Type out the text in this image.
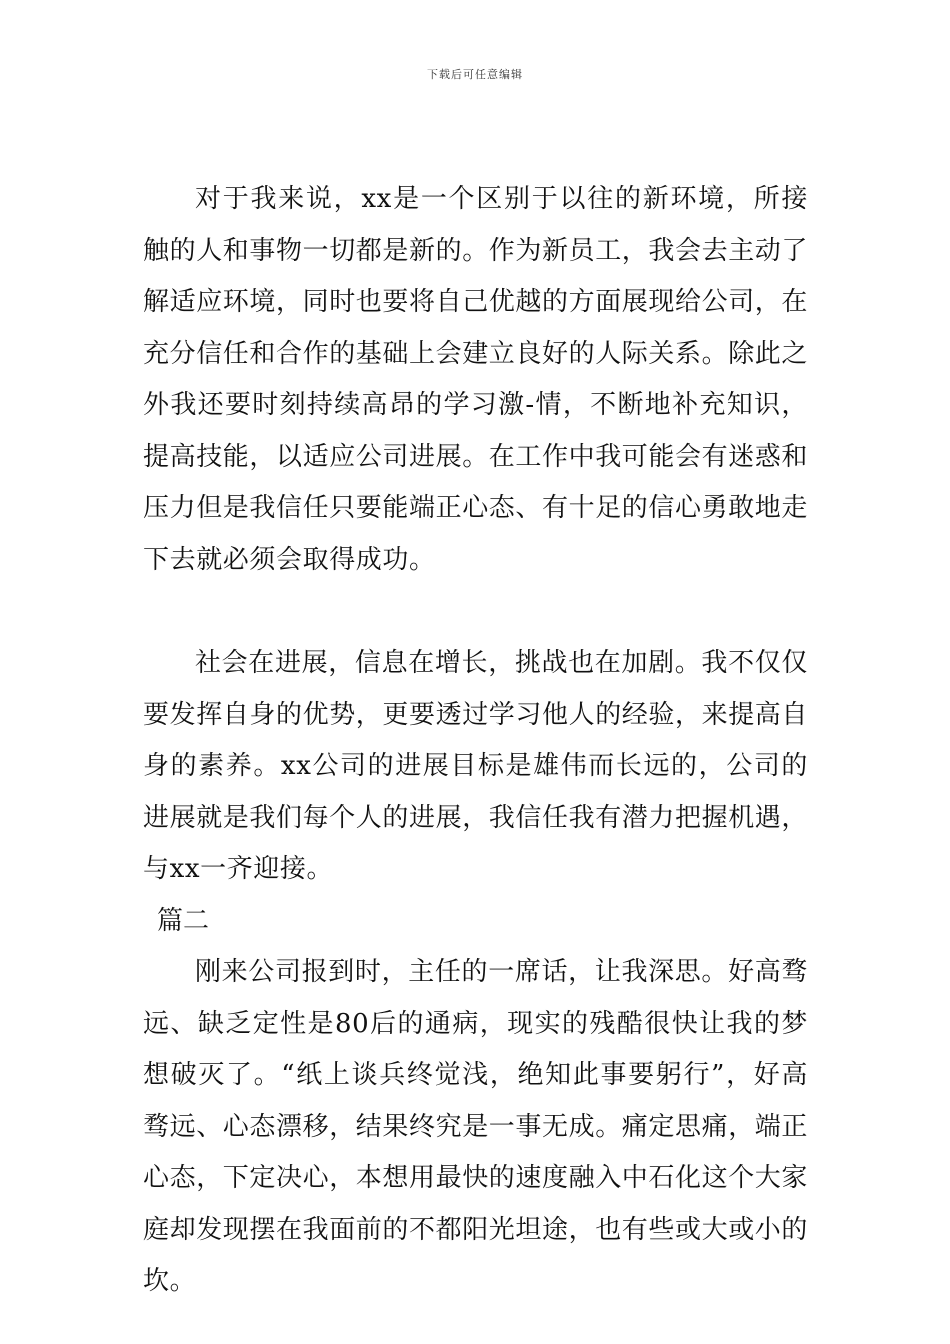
下载后可任意编辑

对于我来说，xx是一个区别于以往的新环境，所接触的人和事物一切都是新的。作为新员工，我会去主动了解适应环境，同时也要将自己优越的方面展现给公司，在充分信任和合作的基础上会建立良好的人际关系。除此之外我还要时刻持续高昂的学习激-情，不断地补充知识，提高技能，以适应公司进展。在工作中我可能会有迷惑和压力但是我信任只要能端正心态、有十足的信心勇敢地走下去就必须会取得成功。

社会在进展，信息在增长，挑战也在加剧。我不仅仅要发挥自身的优势，更要透过学习他人的经验，来提高自身的素养。xx公司的进展目标是雄伟而长远的，公司的进展就是我们每个人的进展，我信任我有潜力把握机遇，与xx一齐迎接。

篇二

刚来公司报到时，主任的一席话，让我深思。好高骛远、缺乏定性是80后的通病，现实的残酷很快让我的梦想破灭了。“纸上谈兵终觉浅，绝知此事要躬行”，好高骛远、心态漂移，结果终究是一事无成。痛定思痛，端正心态，下定决心，本想用最快的速度融入中石化这个大家庭却发现摆在我面前的不都阳光坦途，也有些或大或小的坎。
